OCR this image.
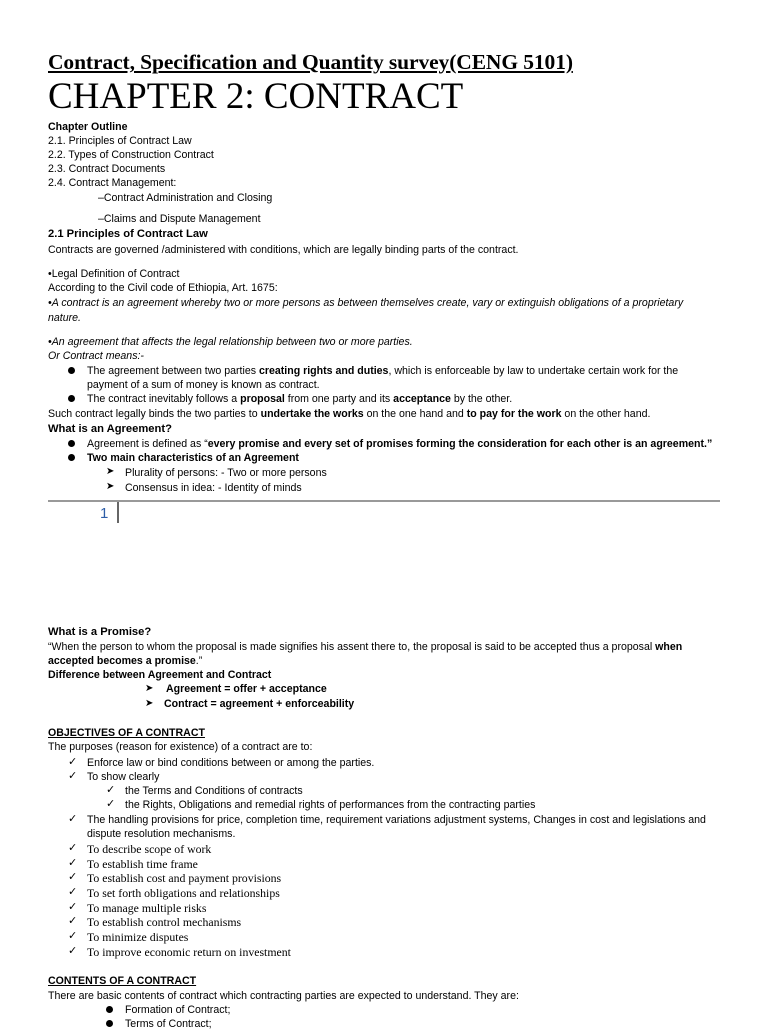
Contract, Specification and Quantity survey(CENG 5101)
CHAPTER 2: CONTRACT
Chapter Outline
2.1. Principles of Contract Law
2.2. Types of Construction Contract
2.3. Contract Documents
2.4. Contract Management:
–Contract Administration and Closing
–Claims and Dispute Management
2.1 Principles of Contract Law
Contracts are governed /administered with conditions, which are legally binding parts of the contract.
•Legal Definition of Contract
According to the Civil code of Ethiopia, Art. 1675:
•A contract is an agreement whereby two or more persons as between themselves create, vary or extinguish obligations of a proprietary
nature.
•An agreement that affects the legal relationship between two or more parties.
Or Contract means:-
The agreement between two parties creating rights and duties, which is enforceable by law to undertake certain work for the
payment of a sum of money is known as contract.
The contract inevitably follows a proposal from one party and its acceptance by the other.
Such contract legally binds the two parties to undertake the works on the one hand and to pay for the work on the other hand.
What is an Agreement?
Agreement is defined as “every promise and every set of promises forming the consideration for each other is an agreement.”
Two main characteristics of an Agreement
➤ Plurality of persons: - Two or more persons
➤ Consensus in idea: - Identity of minds
1
What is a Promise?
“When the person to whom the proposal is made signifies his assent there to, the proposal is said to be accepted thus a proposal when
accepted becomes a promise.”
Difference between Agreement and Contract
➤ Agreement = offer + acceptance
➤ Contract = agreement + enforceability
OBJECTIVES OF A CONTRACT
The purposes (reason for existence) of a contract are to:
✓ Enforce law or bind conditions between or among the parties.
✓ To show clearly
✓ the Terms and Conditions of contracts
✓ the Rights, Obligations and remedial rights of performances from the contracting parties
✓ The handling provisions for price, completion time, requirement variations adjustment systems, Changes in cost and legislations and
dispute resolution mechanisms.
✓ To describe scope of work
✓ To establish time frame
✓ To establish cost and payment provisions
✓ To set forth obligations and relationships
✓ To manage multiple risks
✓ To establish control mechanisms
✓ To minimize disputes
✓ To improve economic return on investment
CONTENTS OF A CONTRACT
There are basic contents of contract which contracting parties are expected to understand. They are:
Formation of Contract;
Terms of Contract;
